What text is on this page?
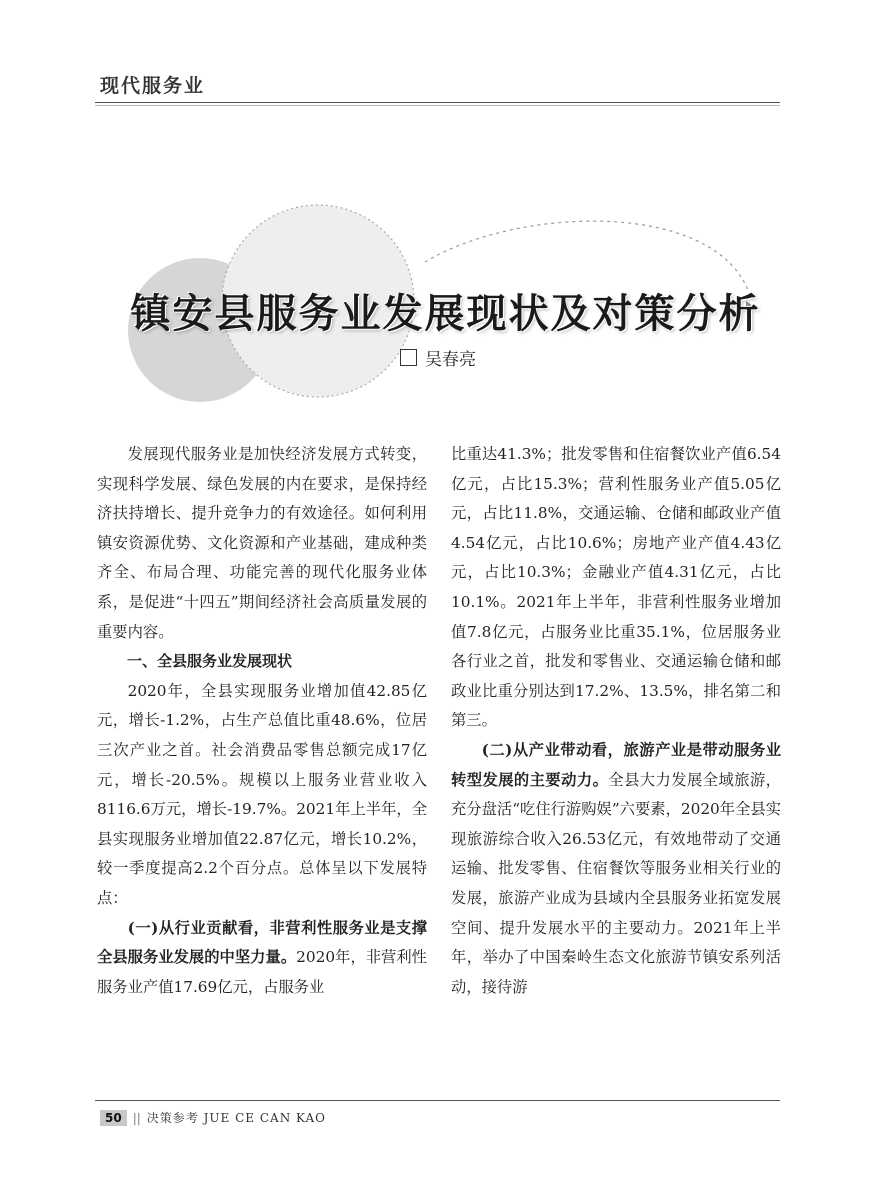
现代服务业
镇安县服务业发展现状及对策分析
吴春亮

发展现代服务业是加快经济发展方式转变，实现科学发展、绿色发展的内在要求，是保持经济扶持增长、提升竞争力的有效途径。如何利用镇安资源优势、文化资源和产业基础，建成种类齐全、布局合理、功能完善的现代化服务业体系，是促进“十四五”期间经济社会高质量发展的重要内容。

一、全县服务业发展现状

2020年，全县实现服务业增加值42.85亿元，增长-1.2%，占生产总值比重48.6%，位居三次产业之首。社会消费品零售总额完成17亿元，增长-20.5%。规模以上服务业营业收入8116.6万元，增长-19.7%。2021年上半年，全县实现服务业增加值22.87亿元，增长10.2%，较一季度提高2.2个百分点。总体呈以下发展特点：

(一)从行业贡献看，非营利性服务业是支撑全县服务业发展的中坚力量。2020年，非营利性服务业产值17.69亿元，占服务业

比重达41.3%；批发零售和住宿餐饮业产值6.54亿元，占比15.3%；营利性服务业产值5.05亿元，占比11.8%，交通运输、仓储和邮政业产值4.54亿元，占比10.6%；房地产业产值4.43亿元，占比10.3%；金融业产值4.31亿元，占比10.1%。2021年上半年，非营利性服务业增加值7.8亿元，占服务业比重35.1%，位居服务业各行业之首，批发和零售业、交通运输仓储和邮政业比重分别达到17.2%、13.5%，排名第二和第三。

(二)从产业带动看，旅游产业是带动服务业转型发展的主要动力。全县大力发展全域旅游，充分盘活“吃住行游购娱”六要素，2020年全县实现旅游综合收入26.53亿元，有效地带动了交通运输、批发零售、住宿餐饮等服务业相关行业的发展，旅游产业成为县域内全县服务业拓宽发展空间、提升发展水平的主要动力。2021年上半年，举办了中国秦岭生态文化旅游节镇安系列活动，接待游

50 || 决策参考 JUE CE CAN KAO
